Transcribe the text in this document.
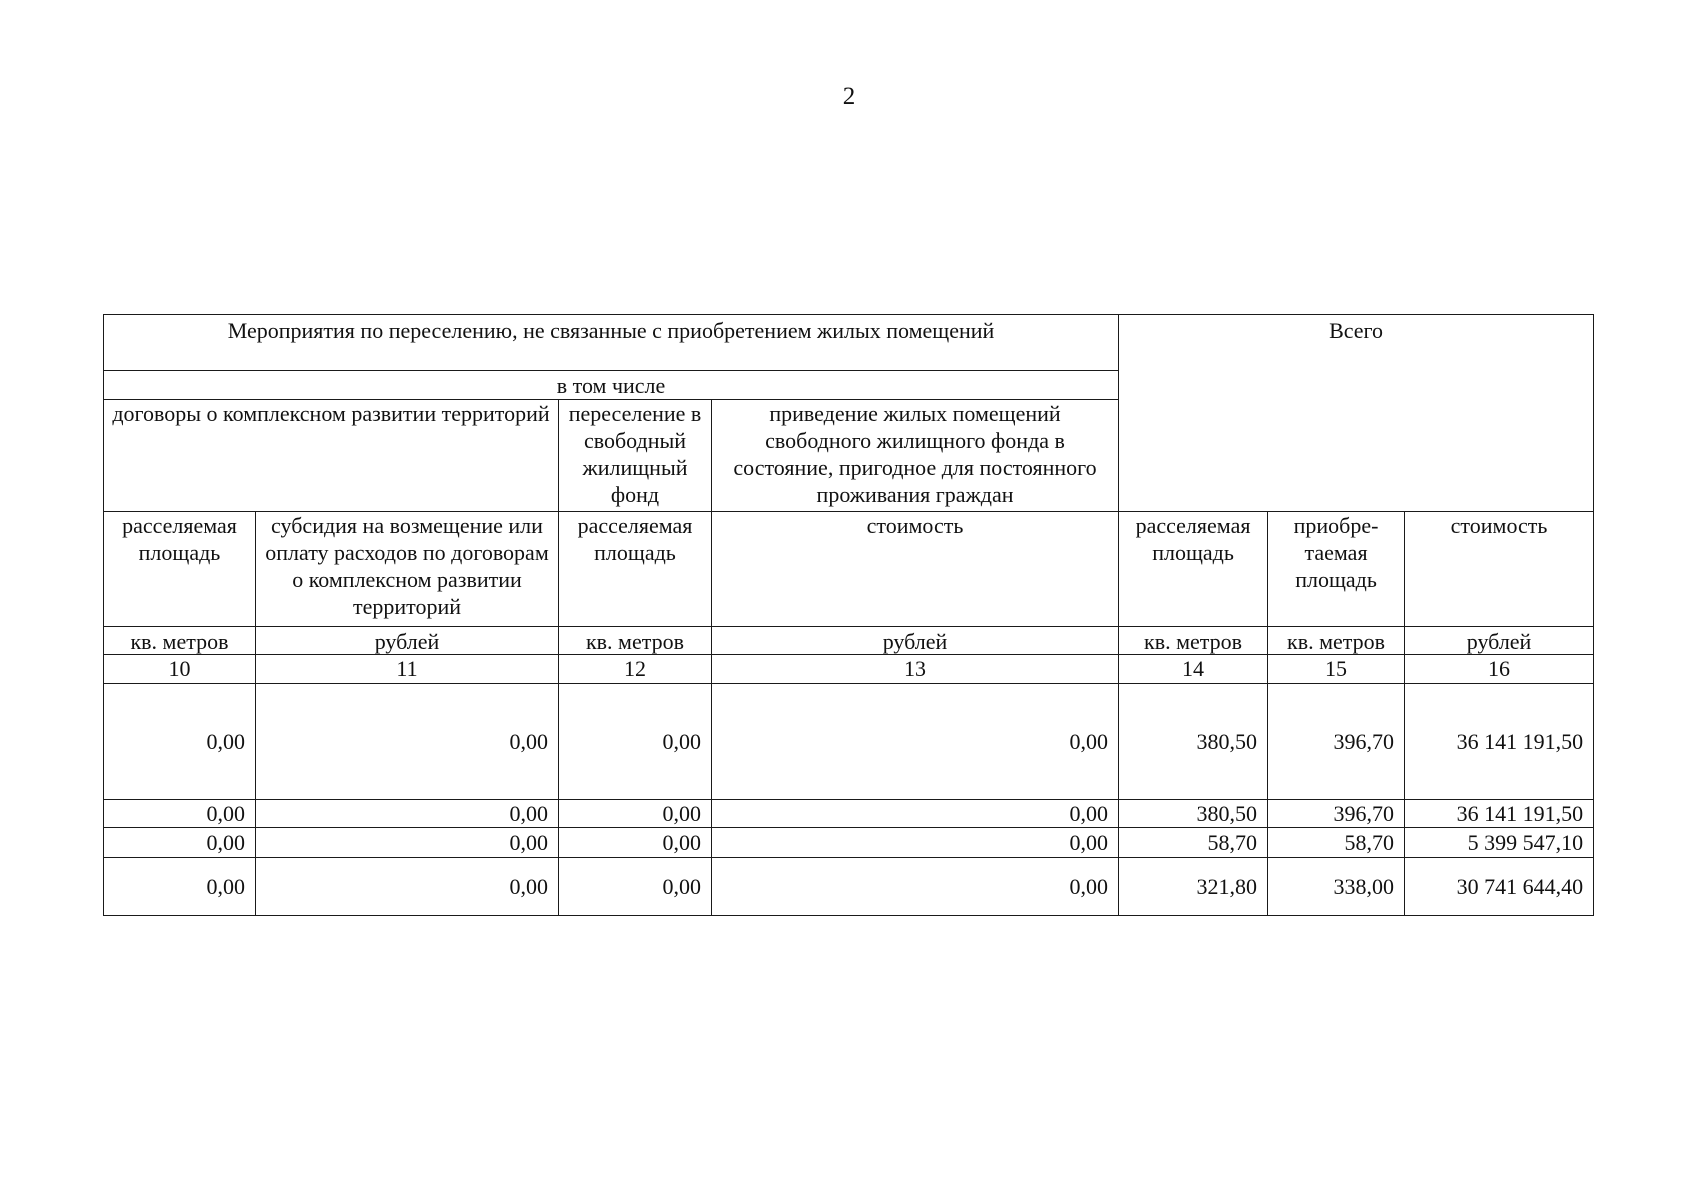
2
Мероприятия по переселению, не связанные с приобретением жилых помещений				Всего		
в том числе						
договоры о комплексном развитии территорий		переселение в свободный жилищный фонд	приведение жилых помещений свободного жилищного фонда в состояние, пригодное для постоянного проживания граждан			
расселяемая площадь	субсидия на возмещение или оплату расходов по договорам о комплексном развитии территорий	расселяемая площадь	стоимость	расселяемая площадь	приобре-таемая площадь	стоимость
кв. метров	рублей	кв. метров	рублей	кв. метров	кв. метров	рублей
10	11	12	13	14	15	16
0,00	0,00	0,00	0,00	380,50	396,70	36 141 191,50
0,00	0,00	0,00	0,00	380,50	396,70	36 141 191,50
0,00	0,00	0,00	0,00	58,70	58,70	5 399 547,10
0,00	0,00	0,00	0,00	321,80	338,00	30 741 644,40
